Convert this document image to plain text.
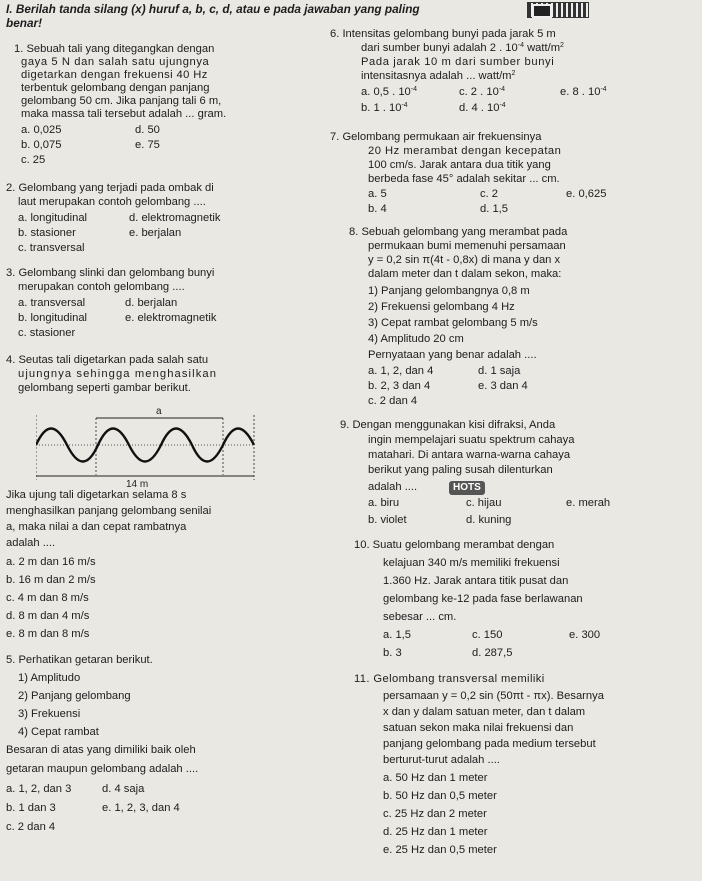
I. Berilah tanda silang (x) huruf a, b, c, d, atau e pada jawaban yang paling
benar!
1. Sebuah tali yang ditegangkan dengan
gaya 5 N dan salah satu ujungnya
digetarkan dengan frekuensi 40 Hz
terbentuk gelombang dengan panjang
gelombang 50 cm. Jika panjang tali 6 m,
maka massa tali tersebut adalah ... gram.
a. 0,025	d. 50
b. 0,075	e. 75
c. 25
2. Gelombang yang terjadi pada ombak di
laut merupakan contoh gelombang ....
a. longitudinal	d. elektromagnetik
b. stasioner	e. berjalan
c. transversal
3. Gelombang slinki dan gelombang bunyi
merupakan contoh gelombang ....
a. transversal	d. berjalan
b. longitudinal	e. elektromagnetik
c. stasioner
4. Seutas tali digetarkan pada salah satu
ujungnya sehingga menghasilkan
gelombang seperti gambar berikut.
a
14 m
Jika ujung tali digetarkan selama 8 s
menghasilkan panjang gelombang senilai
a, maka nilai a dan cepat rambatnya
adalah ....
a. 2 m dan 16 m/s
b. 16 m dan 2 m/s
c. 4 m dan 8 m/s
d. 8 m dan 4 m/s
e. 8 m dan 8 m/s
5. Perhatikan getaran berikut.
1) Amplitudo
2) Panjang gelombang
3) Frekuensi
4) Cepat rambat
Besaran di atas yang dimiliki baik oleh
getaran maupun gelombang adalah ....
a. 1, 2, dan 3	d. 4 saja
b. 1 dan 3	e. 1, 2, 3, dan 4
c. 2 dan 4
6. Intensitas gelombang bunyi pada jarak 5 m
dari sumber bunyi adalah 2 . $10^{-4}$ watt/$m^2$
Pada jarak 10 m dari sumber bunyi
intensitasnya adalah ... watt/$m^2$
a. 0,5 . $10^{-4}$	c. 2 . $10^{-4}$	e. 8 . $10^{-4}$
b. 1 . $10^{-4}$	d. 4 . $10^{-4}$
7. Gelombang permukaan air frekuensinya
20 Hz merambat dengan kecepatan
100 cm/s. Jarak antara dua titik yang
berbeda fase 45° adalah sekitar ... cm.
a. 5	c. 2	e. 0,625
b. 4	d. 1,5
8. Sebuah gelombang yang merambat pada
permukaan bumi memenuhi persamaan
y = 0,2 sin π(4t - 0,8x) di mana y dan x
dalam meter dan t dalam sekon, maka:
1) Panjang gelombangnya 0,8 m
2) Frekuensi gelombang 4 Hz
3) Cepat rambat gelombang 5 m/s
4) Amplitudo 20 cm
Pernyataan yang benar adalah ....
a. 1, 2, dan 4	d. 1 saja
b. 2, 3 dan 4	e. 3 dan 4
c. 2 dan 4
9. Dengan menggunakan kisi difraksi, Anda
ingin mempelajari suatu spektrum cahaya
matahari. Di antara warna-warna cahaya
berikut yang paling susah dilenturkan
adalah ....	HOTS
a. biru	c. hijau	e. merah
b. violet	d. kuning
10. Suatu gelombang merambat dengan
kelajuan 340 m/s memiliki frekuensi
1.360 Hz. Jarak antara titik pusat dan
gelombang ke-12 pada fase berlawanan
sebesar ... cm.
a. 1,5	c. 150	e. 300
b. 3	d. 287,5
11. Gelombang transversal memiliki
persamaan y = 0,2 sin (50πt - πx). Besarnya
x dan y dalam satuan meter, dan t dalam
satuan sekon maka nilai frekuensi dan
panjang gelombang pada medium tersebut
berturut-turut adalah ....
a. 50 Hz dan 1 meter
b. 50 Hz dan 0,5 meter
c. 25 Hz dan 2 meter
d. 25 Hz dan 1 meter
e. 25 Hz dan 0,5 meter
